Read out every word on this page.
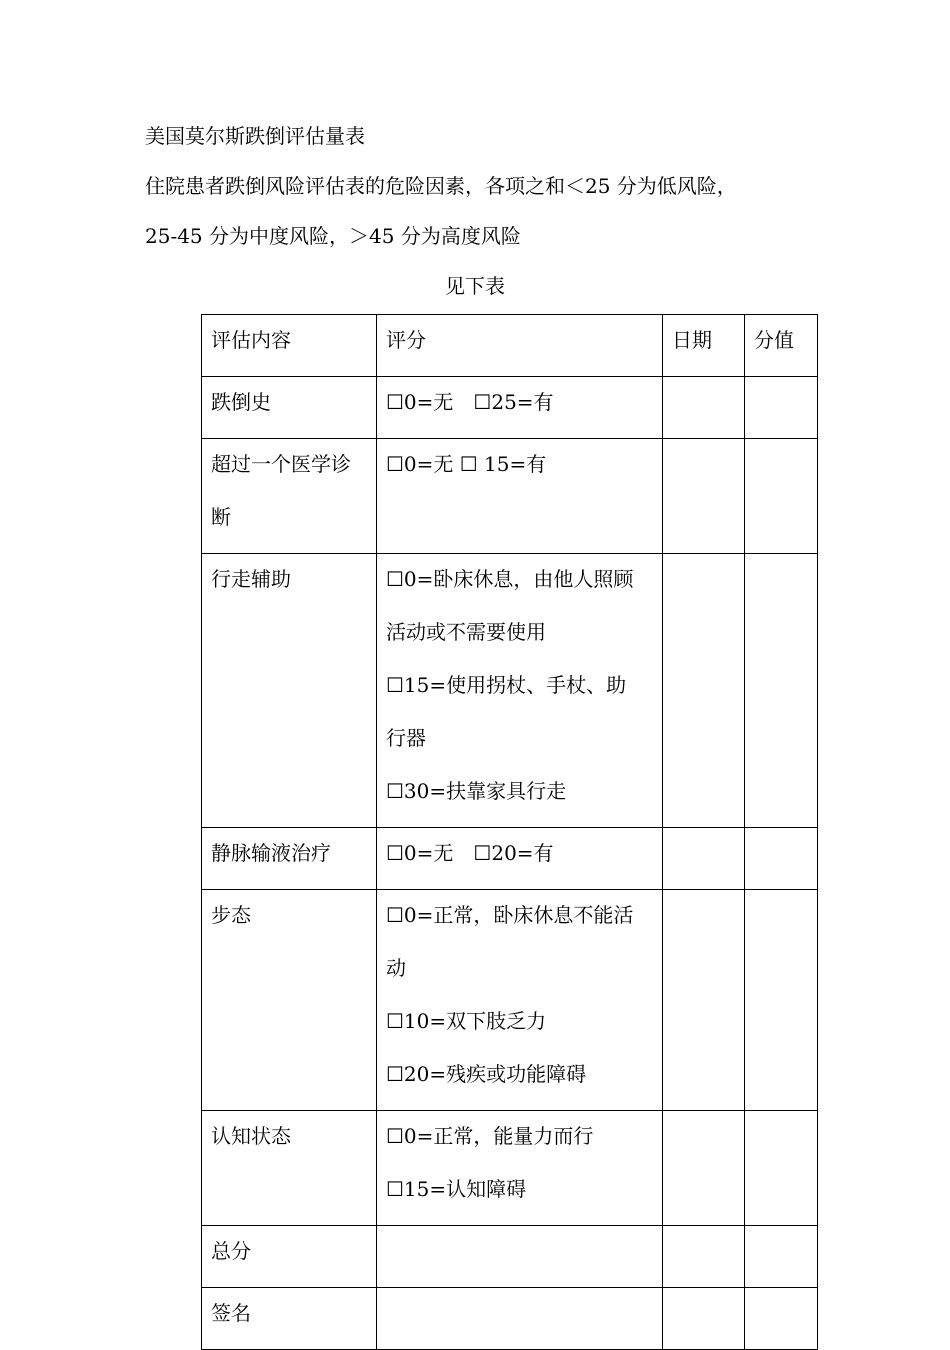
美国莫尔斯跌倒评估量表

住院患者跌倒风险评估表的危险因素，各项之和＜25 分为低风险，

25-45 分为中度风险，＞45 分为高度风险

见下表

评估内容	评分	日期	分值

跌倒史	☐0=无　☐25=有		

超过一个医学诊
断	☐0=无 ☐ 15=有		

行走辅助	☐0=卧床休息，由他人照顾
活动或不需要使用
☐15=使用拐杖、手杖、助
行器
☐30=扶靠家具行走		

静脉输液治疗	☐0=无　☐20=有		

步态	☐0=正常，卧床休息不能活
动
☐10=双下肢乏力
☐20=残疾或功能障碍		

认知状态	☐0=正常，能量力而行
☐15=认知障碍		

总分			

签名			
